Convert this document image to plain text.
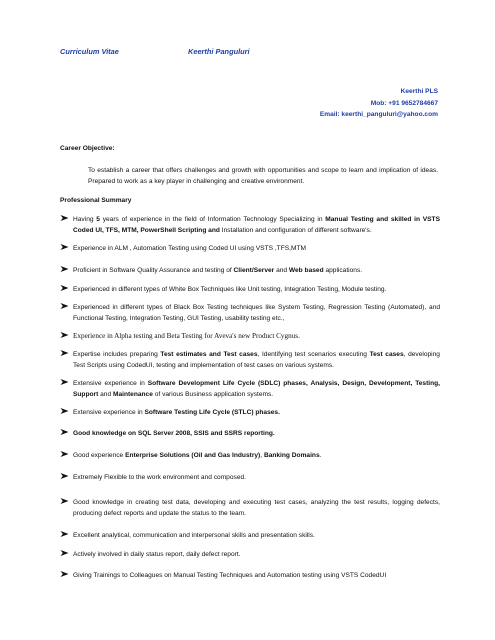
Curriculum Vitae	Keerthi Panguluri
Keerthi PLS
Mob: +91 9652784667
Email: keerthi_panguluri@yahoo.com
Career Objective:
To establish a career that offers challenges and growth with opportunities and scope to learn and implication of ideas. Prepared to work as a key player in challenging and creative environment.
Professional Summary
Having 5 years of experience in the field of Information Technology Specializing in Manual Testing and skilled in VSTS Coded UI, TFS, MTM, PowerShell Scripting and Installation and configuration of different software's.
Experience in ALM , Automation Testing using Coded UI using VSTS ,TFS,MTM
Proficient in Software Quality Assurance and testing of Client/Server and Web based applications.
Experienced in different types of White Box Techniques like Unit testing, Integration Testing, Module testing.
Experienced in different types of Black Box Testing techniques like System Testing, Regression Testing (Automated), and Functional Testing, Integration Testing, GUI Testing, usability testing etc.,
Experience in Alpha testing and Beta Testing for Aveva's new Product Cygnus.
Expertise includes preparing Test estimates and Test cases, Identifying test scenarios executing Test cases, developing Test Scripts using CodedUI, testing and implementation of test cases on various systems.
Extensive experience in Software Development Life Cycle (SDLC) phases, Analysis, Design, Development, Testing, Support and Maintenance of various Business application systems.
Extensive experience in Software Testing Life Cycle (STLC) phases.
Good knowledge on SQL Server 2008, SSIS and SSRS reporting.
Good experience Enterprise Solutions (Oil and Gas Industry), Banking Domains.
Extremely Flexible to the work environment and composed.
Good knowledge in creating test data, developing and executing test cases, analyzing the test results, logging defects, producing defect reports and update the status to the team.
Excellent analytical, communication and interpersonal skills and presentation skills.
Actively involved in daily status report, daily defect report.
Giving Trainings to Colleagues on Manual Testing Techniques and Automation testing using VSTS CodedUI
